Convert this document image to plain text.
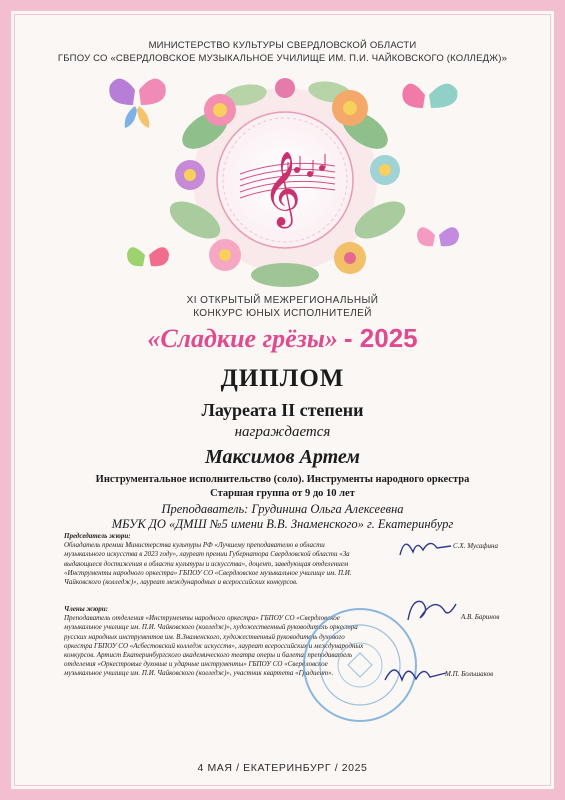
МИНИСТЕРСТВО КУЛЬТУРЫ СВЕРДЛОВСКОЙ ОБЛАСТИ
ГБПОУ СО «СВЕРДЛОВСКОЕ МУЗЫКАЛЬНОЕ УЧИЛИЩЕ ИМ. П.И. ЧАЙКОВСКОГО (КОЛЛЕДЖ)»
𝄞
XI ОТКРЫТЫЙ МЕЖРЕГИОНАЛЬНЫЙ
КОНКУРС ЮНЫХ ИСПОЛНИТЕЛЕЙ
«Сладкие грёзы» - 2025
ДИПЛОМ
Лауреата II степени
награждается
Максимов Артем
Инструментальное исполнительство (соло). Инструменты народного оркестра
Старшая группа от 9 до 10 лет
Преподаватель: Грудинина Ольга Алексеевна
МБУК ДО «ДМШ №5 имени В.В. Знаменского» г. Екатеринбург
Председатель жюри:
Обладатель премии Министерства культуры РФ «Лучшему преподавателю в области музыкального искусства в 2023 году», лауреат премии Губернатора Свердловской области «За выдающиеся достижения в области культуры и искусства», доцент, заведующая отделением «Инструменты народного оркестра» ГБПОУ СО «Свердловское музыкальное училище им. П.И. Чайковского (колледж)», лауреат международных и всероссийских конкурсов.
Члены жюри:
Преподаватель отделения «Инструменты народного оркестра» ГБПОУ СО «Свердловское музыкальное училище им. П.И. Чайковского (колледж)», художественный руководитель оркестра русских народных инструментов им. В.Знаменского, художественный руководитель духового оркестра ГБПОУ СО «Асбестовский колледж искусств», лауреат всероссийских и международных конкурсов. Артист Екатеринбургского академического театра оперы и балета, преподаватель отделения «Оркестровые духовые и ударные инструменты» ГБПОУ СО «Свердловское музыкальное училище им. П.И. Чайковского (колледж)», участник квартета «Градиент».
С.Х. Мусафина
А.В. Баринов
М.П. Большаков
4 МАЯ / ЕКАТЕРИНБУРГ / 2025
